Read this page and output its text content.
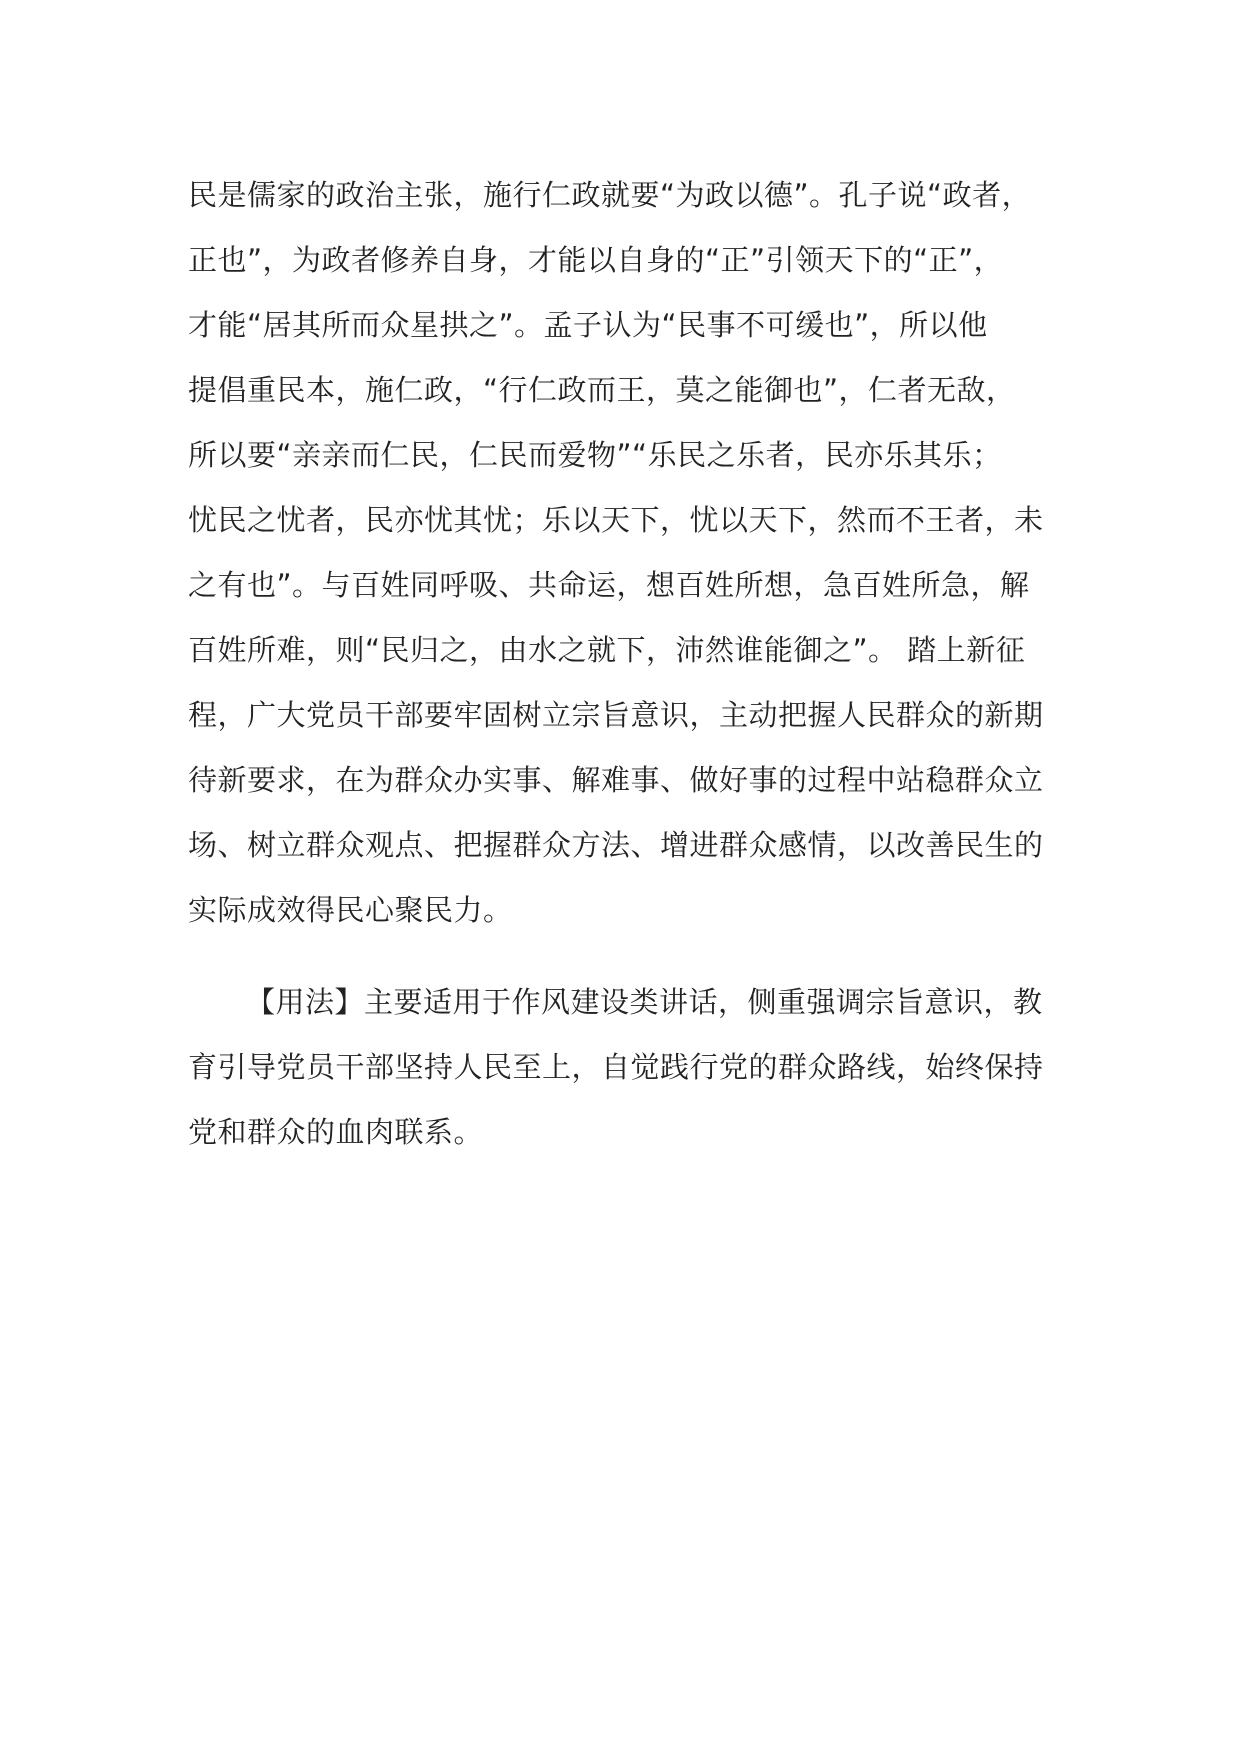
民是儒家的政治主张，施行仁政就要“为政以德”。孔子说“政者，
正也”，为政者修养自身，才能以自身的“正”引领天下的“正”，
才能“居其所而众星拱之”。孟子认为“民事不可缓也”，所以他
提倡重民本，施仁政，“行仁政而王，莫之能御也”，仁者无敌，
所以要“亲亲而仁民，仁民而爱物”“乐民之乐者，民亦乐其乐；
忧民之忧者，民亦忧其忧；乐以天下，忧以天下，然而不王者，未
之有也”。与百姓同呼吸、共命运，想百姓所想，急百姓所急，解
百姓所难，则“民归之，由水之就下，沛然谁能御之”。 踏上新征
程，广大党员干部要牢固树立宗旨意识，主动把握人民群众的新期
待新要求，在为群众办实事、解难事、做好事的过程中站稳群众立
场、树立群众观点、把握群众方法、增进群众感情，以改善民生的
实际成效得民心聚民力。
【用法】主要适用于作风建设类讲话，侧重强调宗旨意识，教
育引导党员干部坚持人民至上，自觉践行党的群众路线，始终保持
党和群众的血肉联系。
